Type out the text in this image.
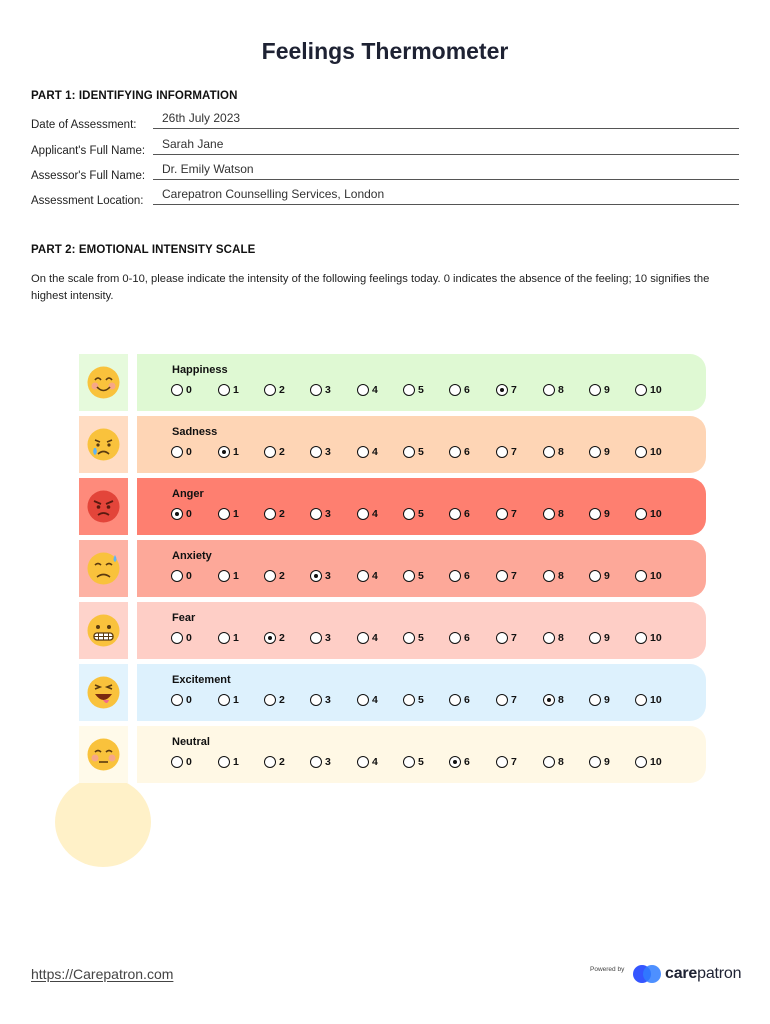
Feelings Thermometer
PART 1: IDENTIFYING INFORMATION
Date of Assessment: 26th July 2023
Applicant's Full Name: Sarah Jane
Assessor's Full Name: Dr. Emily Watson
Assessment Location: Carepatron Counselling Services, London
PART 2: EMOTIONAL INTENSITY SCALE

On the scale from 0-10, please indicate the intensity of the following feelings today. 0 indicates the absence of the feeling; 10 signifies the highest intensity.

Happiness
0	1	2	3	4	5	6	7	8	9	10
Sadness
0	1	2	3	4	5	6	7	8	9	10
Anger
0	1	2	3	4	5	6	7	8	9	10
Anxiety
0	1	2	3	4	5	6	7	8	9	10
Fear
0	1	2	3	4	5	6	7	8	9	10
Excitement
0	1	2	3	4	5	6	7	8	9	10
Neutral
0	1	2	3	4	5	6	7	8	9	10
https://Carepatron.com	Powered by	carepatron
